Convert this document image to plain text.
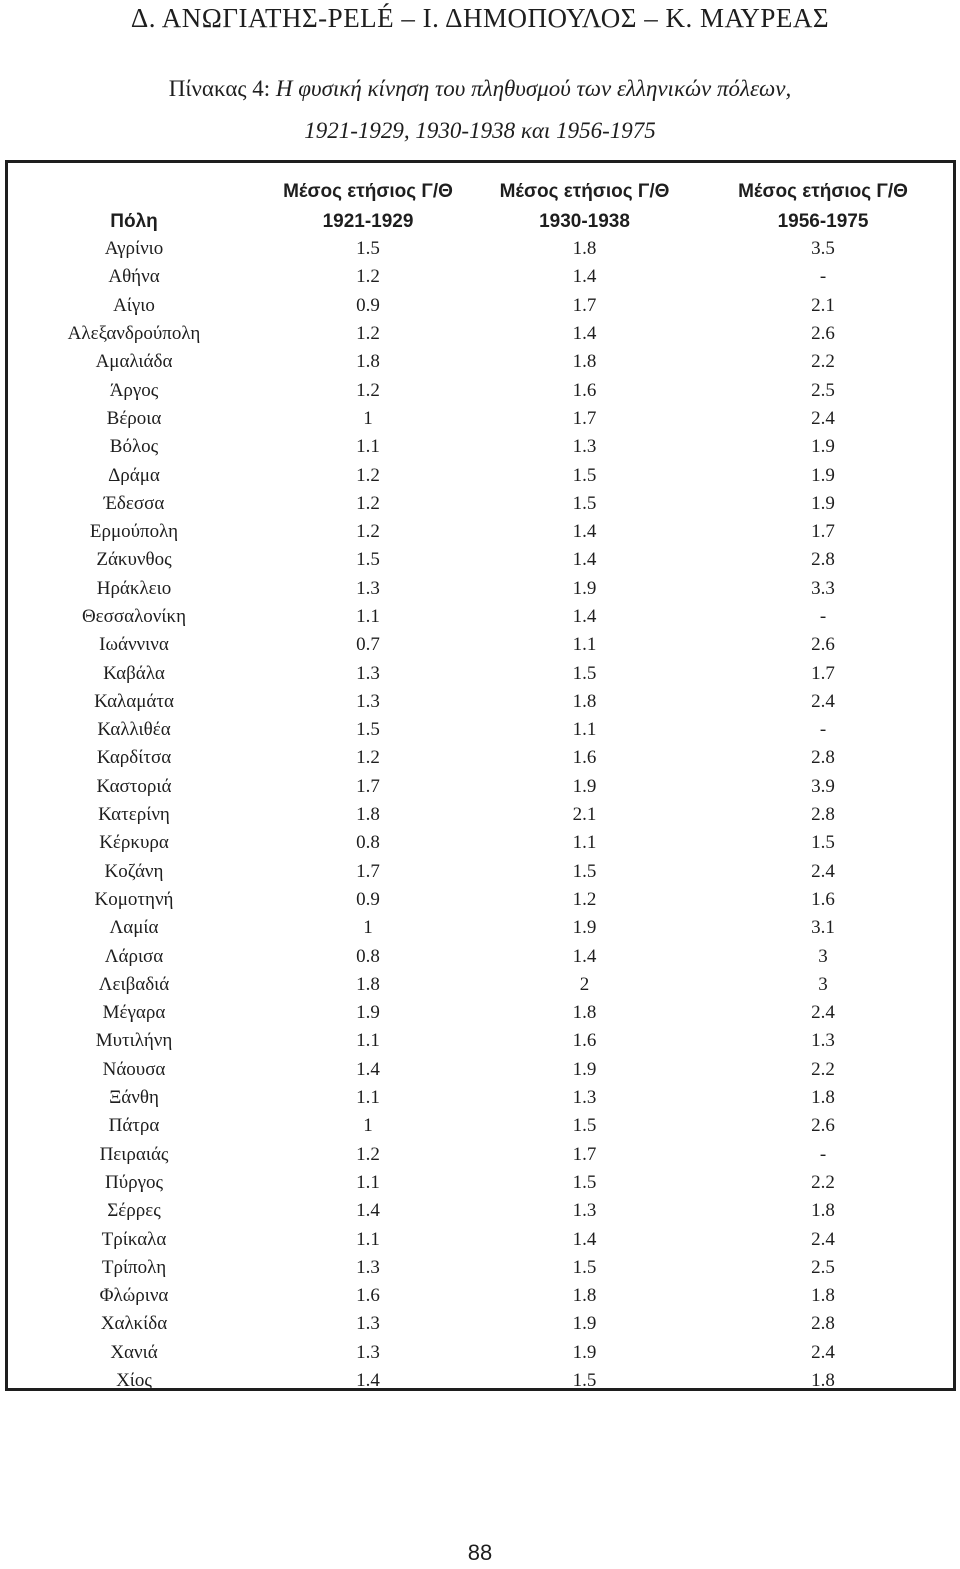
Δ. ΑΝΩΓΙΑΤΗΣ-PELÉ – Ι. ΔΗΜΟΠΟΥΛΟΣ – Κ. ΜΑΥΡΕΑΣ
Πίνακας 4: Η φυσική κίνηση του πληθυσμού των ελληνικών πόλεων,
1921-1929, 1930-1938 και 1956-1975
	Μέσος ετήσιος Γ/Θ	Μέσος ετήσιος Γ/Θ	Μέσος ετήσιος Γ/Θ
Πόλη	1921-1929	1930-1938	1956-1975
Αγρίνιο	1.5	1.8	3.5
Αθήνα	1.2	1.4	-
Αίγιο	0.9	1.7	2.1
Αλεξανδρούπολη	1.2	1.4	2.6
Αμαλιάδα	1.8	1.8	2.2
Άργος	1.2	1.6	2.5
Βέροια	1	1.7	2.4
Βόλος	1.1	1.3	1.9
Δράμα	1.2	1.5	1.9
Έδεσσα	1.2	1.5	1.9
Ερμούπολη	1.2	1.4	1.7
Ζάκυνθος	1.5	1.4	2.8
Ηράκλειο	1.3	1.9	3.3
Θεσσαλονίκη	1.1	1.4	-
Ιωάννινα	0.7	1.1	2.6
Καβάλα	1.3	1.5	1.7
Καλαμάτα	1.3	1.8	2.4
Καλλιθέα	1.5	1.1	-
Καρδίτσα	1.2	1.6	2.8
Καστοριά	1.7	1.9	3.9
Κατερίνη	1.8	2.1	2.8
Κέρκυρα	0.8	1.1	1.5
Κοζάνη	1.7	1.5	2.4
Κομοτηνή	0.9	1.2	1.6
Λαμία	1	1.9	3.1
Λάρισα	0.8	1.4	3
Λειβαδιά	1.8	2	3
Μέγαρα	1.9	1.8	2.4
Μυτιλήνη	1.1	1.6	1.3
Νάουσα	1.4	1.9	2.2
Ξάνθη	1.1	1.3	1.8
Πάτρα	1	1.5	2.6
Πειραιάς	1.2	1.7	-
Πύργος	1.1	1.5	2.2
Σέρρες	1.4	1.3	1.8
Τρίκαλα	1.1	1.4	2.4
Τρίπολη	1.3	1.5	2.5
Φλώρινα	1.6	1.8	1.8
Χαλκίδα	1.3	1.9	2.8
Χανιά	1.3	1.9	2.4
Χίος	1.4	1.5	1.8
88
